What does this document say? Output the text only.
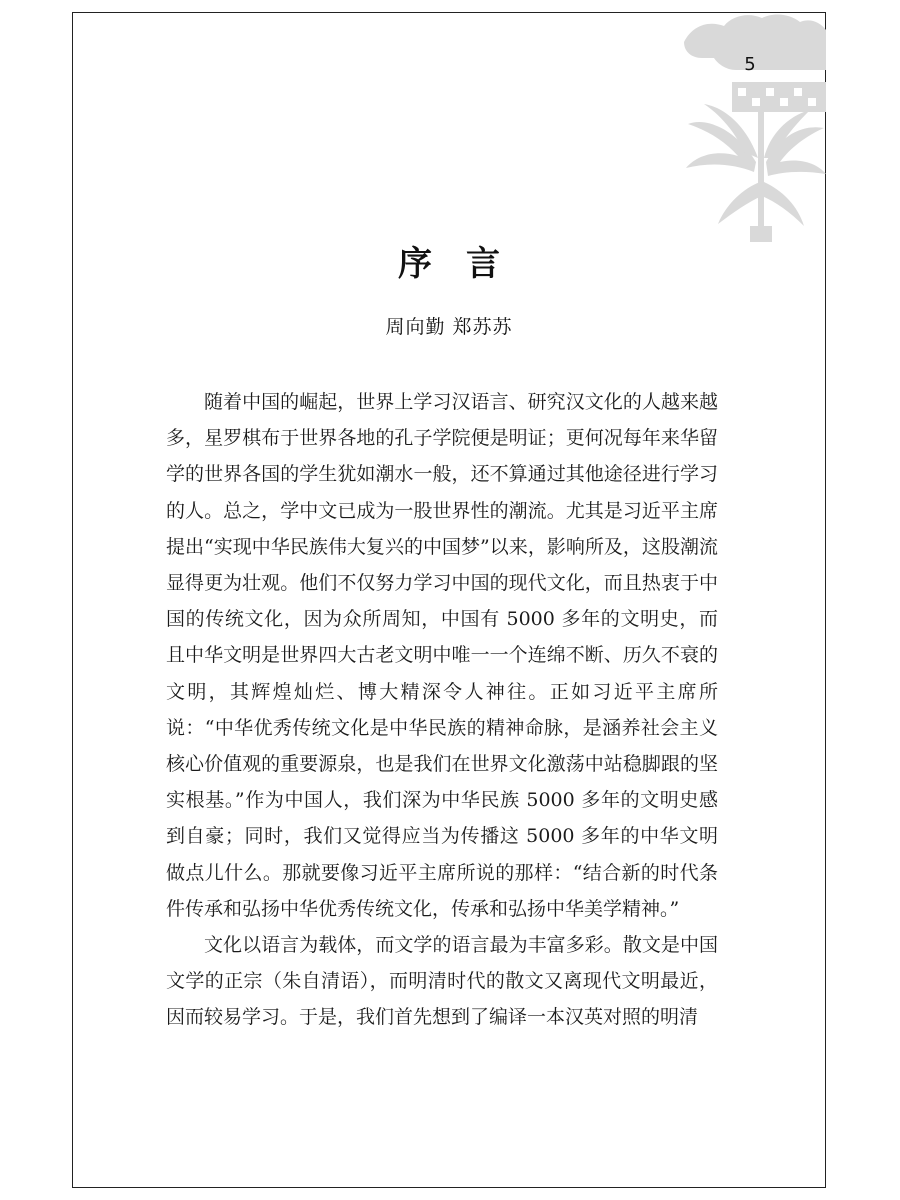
5
序言
周向勤 郑苏苏

随着中国的崛起，世界上学习汉语言、研究汉文化的人越来越多，星罗棋布于世界各地的孔子学院便是明证；更何况每年来华留学的世界各国的学生犹如潮水一般，还不算通过其他途径进行学习的人。总之，学中文已成为一股世界性的潮流。尤其是习近平主席提出“实现中华民族伟大复兴的中国梦”以来，影响所及，这股潮流显得更为壮观。他们不仅努力学习中国的现代文化，而且热衷于中国的传统文化，因为众所周知，中国有 5000 多年的文明史，而且中华文明是世界四大古老文明中唯一一个连绵不断、历久不衰的文明，其辉煌灿烂、博大精深令人神往。正如习近平主席所说：“中华优秀传统文化是中华民族的精神命脉，是涵养社会主义核心价值观的重要源泉，也是我们在世界文化激荡中站稳脚跟的坚实根基。”作为中国人，我们深为中华民族 5000 多年的文明史感到自豪；同时，我们又觉得应当为传播这 5000 多年的中华文明做点儿什么。那就要像习近平主席所说的那样：“结合新的时代条件传承和弘扬中华优秀传统文化，传承和弘扬中华美学精神。”

文化以语言为载体，而文学的语言最为丰富多彩。散文是中国文学的正宗（朱自清语），而明清时代的散文又离现代文明最近，因而较易学习。于是，我们首先想到了编译一本汉英对照的明清
